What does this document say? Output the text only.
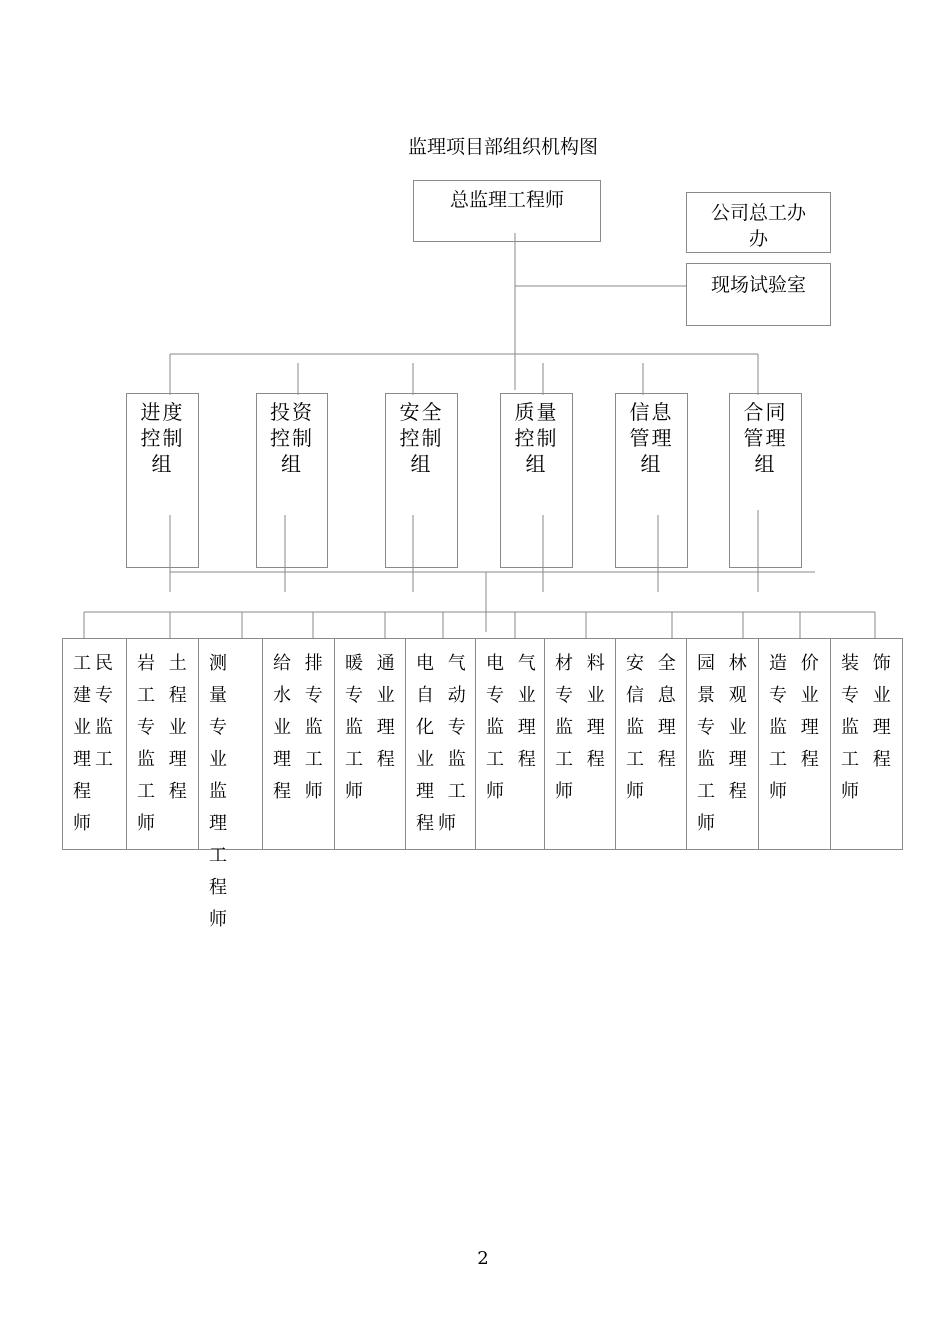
监理项目部组织机构图
总监理工程师
公司总工办
办
现场试验室
进度
控制
组
投资
控制
组
安全
控制
组
质量
控制
组
信息
管理
组
合同
管理
组
工民
建专
业监
理工
程
师
岩 土
工 程
专 业
监 理
工 程
师
测 量
专 业
监 理
工 程
师
给 排
水 专
业 监
理 工
程 师
暖 通
专 业
监 理
工 程
师
电 气
自 动
化 专
业 监
理 工
程师
电 气
专 业
监 理
工 程
师
材 料
专 业
监 理
工 程
师
安 全
信 息
监 理
工 程
师
园 林
景 观
专 业
监 理
工 程
师
造 价
专 业
监 理
工 程
师
装 饰
专 业
监 理
工 程
师
2
